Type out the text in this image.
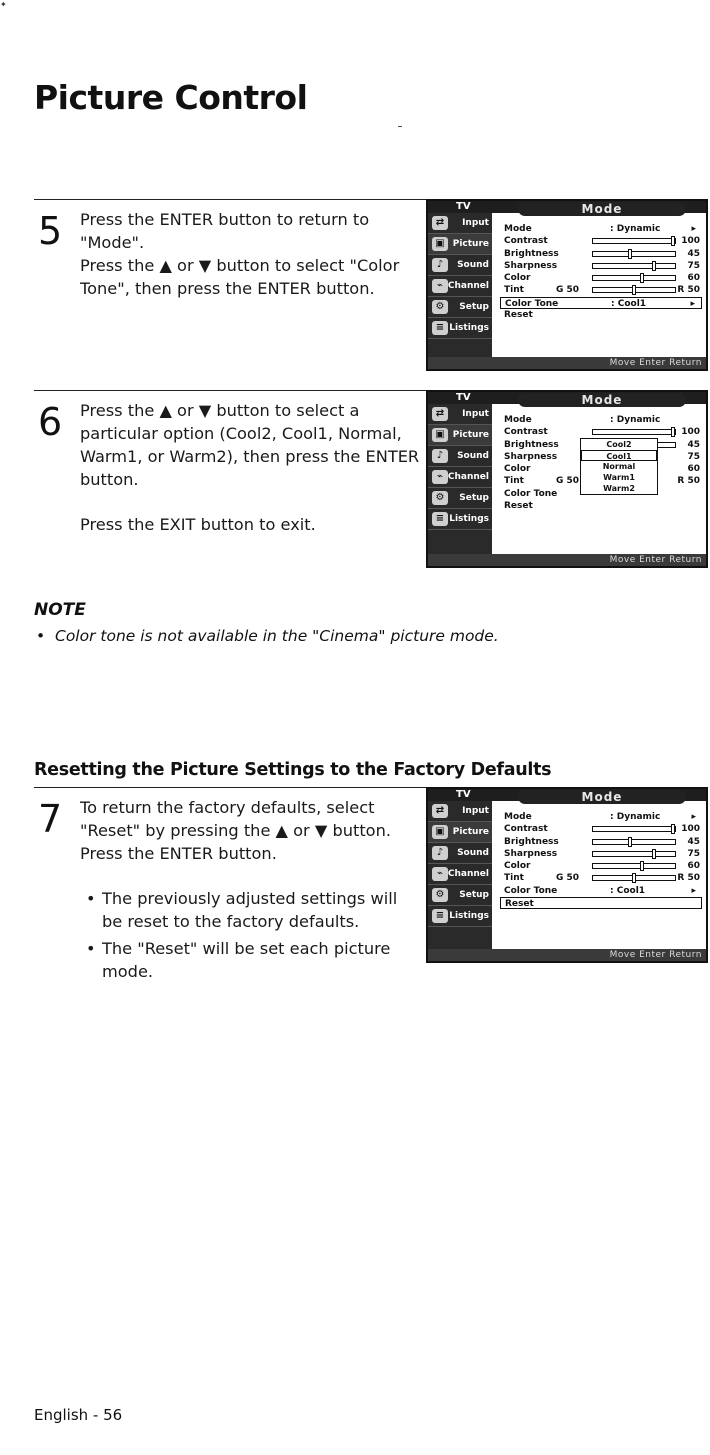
✦
Picture Control
5 Press the ENTER button to return to "Mode".

Press the ▲ or ▼ button to select "Color Tone", then press the ENTER button.

TV	Mode
⇄	Input
▣ Picture
♪	Sound
⌁ Channel
⚙	Setup
≡ Listings
Mode	: Dynamic	▸
Contrast	100
Brightness	45
Sharpness	75
Color	60
Tint	G 50	R 50
Color Tone	: Cool1	▸
Reset
Move Enter Return
6 Press the ▲ or ▼ button to select a particular option (Cool2, Cool1, Normal, Warm1, or Warm2), then press the ENTER button.

Press the EXIT button to exit.

TV	Mode
⇄	Input
▣ Picture
♪	Sound
⌁ Channel
⚙	Setup
≡ Listings
Mode	: Dynamic
Contrast	100
Brightness	45
Sharpness	75
Color	60
Tint	G 50	R 50
Color Tone
Reset
Cool2
Cool1
Normal
Warm1
Warm2
Move Enter Return

NOTE

•  Color tone is not available in the "Cinema" picture mode.

Resetting the Picture Settings to the Factory Defaults
7 To return the factory defaults, select "Reset" by pressing the ▲ or ▼ button. Press the ENTER button.

• The previously adjusted settings will be reset to the factory defaults.
• The "Reset" will be set each picture mode.
TV	Mode
⇄	Input
▣ Picture
♪	Sound
⌁ Channel
⚙	Setup
≡ Listings
Mode	: Dynamic	▸
Contrast	100
Brightness	45
Sharpness	75
Color	60
Tint	G 50	R 50
Color Tone	: Cool1	▸
Reset
Move Enter Return

English - 56
